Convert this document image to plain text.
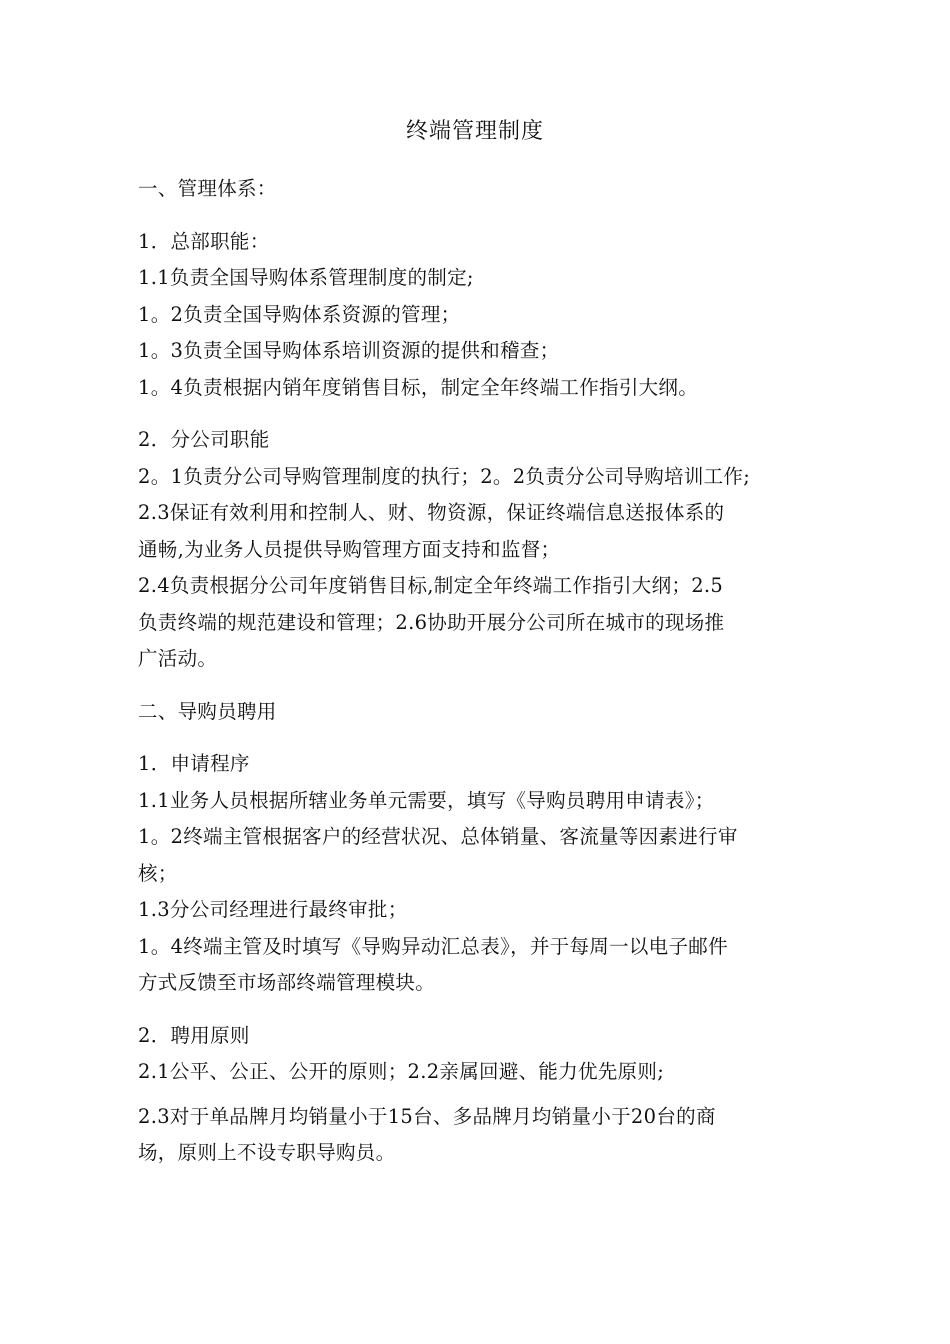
终端管理制度
一、管理体系：
1．总部职能：
1.1负责全国导购体系管理制度的制定;
1。2负责全国导购体系资源的管理；
1。3负责全国导购体系培训资源的提供和稽查；
1。4负责根据内销年度销售目标，制定全年终端工作指引大纲。
2．分公司职能
2。1负责分公司导购管理制度的执行；2。2负责分公司导购培训工作;
2.3保证有效利用和控制人、财、物资源，保证终端信息送报体系的
通畅,为业务人员提供导购管理方面支持和监督；
2.4负责根据分公司年度销售目标,制定全年终端工作指引大纲；2.5
负责终端的规范建设和管理；2.6协助开展分公司所在城市的现场推
广活动。
二、导购员聘用
1．申请程序
1.1业务人员根据所辖业务单元需要，填写《导购员聘用申请表》；
1。2终端主管根据客户的经营状况、总体销量、客流量等因素进行审
核；
1.3分公司经理进行最终审批；
1。4终端主管及时填写《导购异动汇总表》，并于每周一以电子邮件
方式反馈至市场部终端管理模块。
2．聘用原则
2.1公平、公正、公开的原则；2.2亲属回避、能力优先原则;
2.3对于单品牌月均销量小于15台、多品牌月均销量小于20台的商
场，原则上不设专职导购员。
